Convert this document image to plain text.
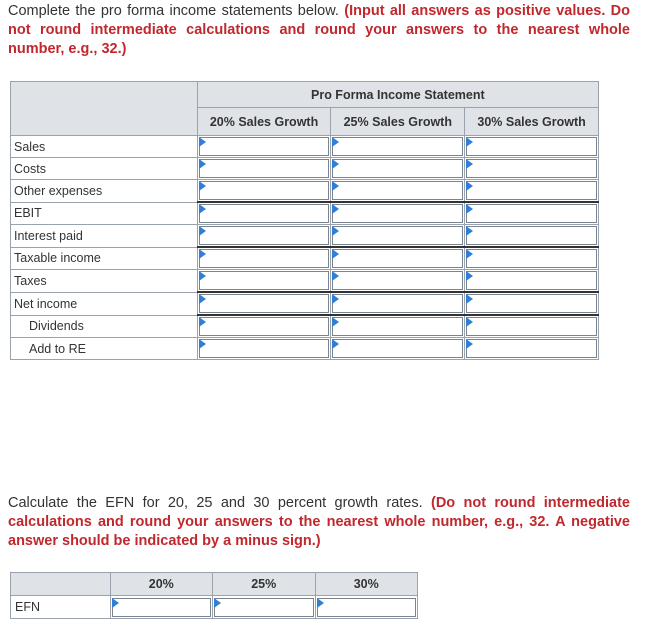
Complete the pro forma income statements below. (Input all answers as positive values. Do not round intermediate calculations and round your answers to the nearest whole number, e.g., 32.)
	Pro Forma Income Statement		
	20% Sales Growth	25% Sales Growth	30% Sales Growth
Sales	

Costs	

Other expenses	

EBIT	

Interest paid	

Taxable income	

Taxes	

Net income	

Dividends	

Add to RE	

Calculate the EFN for 20, 25 and 30 percent growth rates. (Do not round intermediate calculations and round your answers to the nearest whole number, e.g., 32. A negative answer should be indicated by a minus sign.)
	20%	25%	30%
EFN	
